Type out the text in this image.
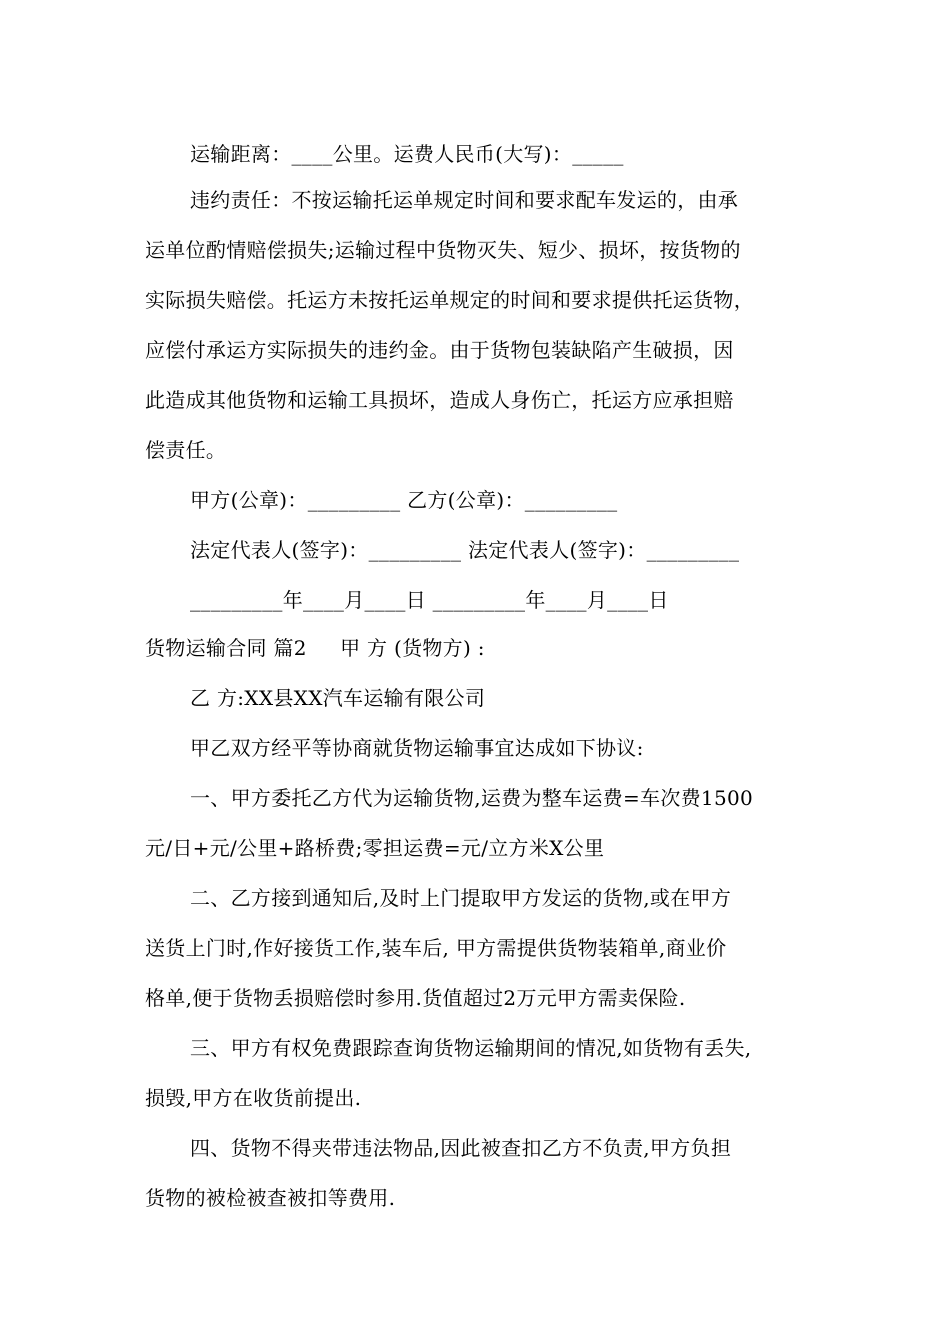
运输距离：____公里。运费人民币(大写)：_____
违约责任：不按运输托运单规定时间和要求配车发运的，由承
运单位酌情赔偿损失;运输过程中货物灭失、短少、损坏，按货物的
实际损失赔偿。托运方未按托运单规定的时间和要求提供托运货物，
应偿付承运方实际损失的违约金。由于货物包装缺陷产生破损，因
此造成其他货物和运输工具损坏，造成人身伤亡，托运方应承担赔
偿责任。
甲方(公章)：_________ 乙方(公章)：_________
法定代表人(签字)：_________ 法定代表人(签字)：_________
_________年____月____日 _________年____月____日
货物运输合同 篇2     甲 方 (货物方) :
乙 方:XX县XX汽车运输有限公司
甲乙双方经平等协商就货物运输事宜达成如下协议:
一、甲方委托乙方代为运输货物,运费为整车运费=车次费1500
元/日+元/公里+路桥费;零担运费=元/立方米X公里
二、乙方接到通知后,及时上门提取甲方发运的货物,或在甲方
送货上门时,作好接货工作,装车后, 甲方需提供货物装箱单,商业价
格单,便于货物丢损赔偿时参用.货值超过2万元甲方需卖保险.
三、甲方有权免费跟踪查询货物运输期间的情况,如货物有丢失,
损毁,甲方在收货前提出.
四、货物不得夹带违法物品,因此被查扣乙方不负责,甲方负担
货物的被检被查被扣等费用.
